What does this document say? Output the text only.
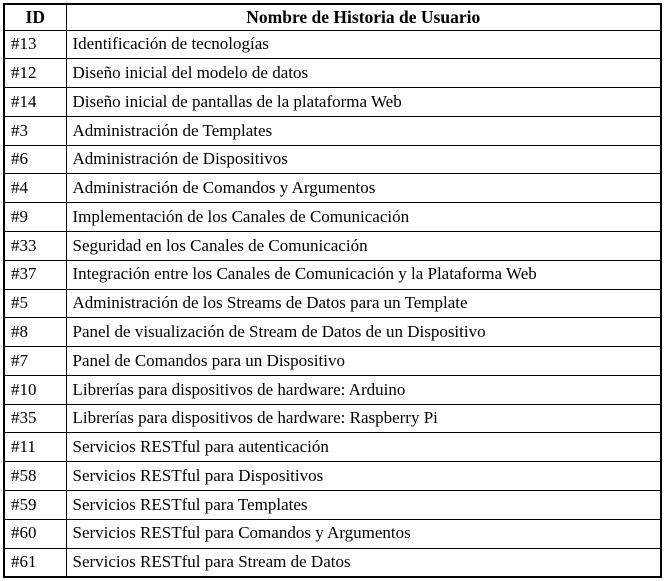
ID	Nombre de Historia de Usuario
#13	Identificación de tecnologías
#12	Diseño inicial del modelo de datos
#14	Diseño inicial de pantallas de la plataforma Web
#3	Administración de Templates
#6	Administración de Dispositivos
#4	Administración de Comandos y Argumentos
#9	Implementación de los Canales de Comunicación
#33	Seguridad en los Canales de Comunicación
#37	Integración entre los Canales de Comunicación y la Plataforma Web
#5	Administración de los Streams de Datos para un Template
#8	Panel de visualización de Stream de Datos de un Dispositivo
#7	Panel de Comandos para un Dispositivo
#10	Librerías para dispositivos de hardware: Arduino
#35	Librerías para dispositivos de hardware: Raspberry Pi
#11	Servicios RESTful para autenticación
#58	Servicios RESTful para Dispositivos
#59	Servicios RESTful para Templates
#60	Servicios RESTful para Comandos y Argumentos
#61	Servicios RESTful para Stream de Datos
